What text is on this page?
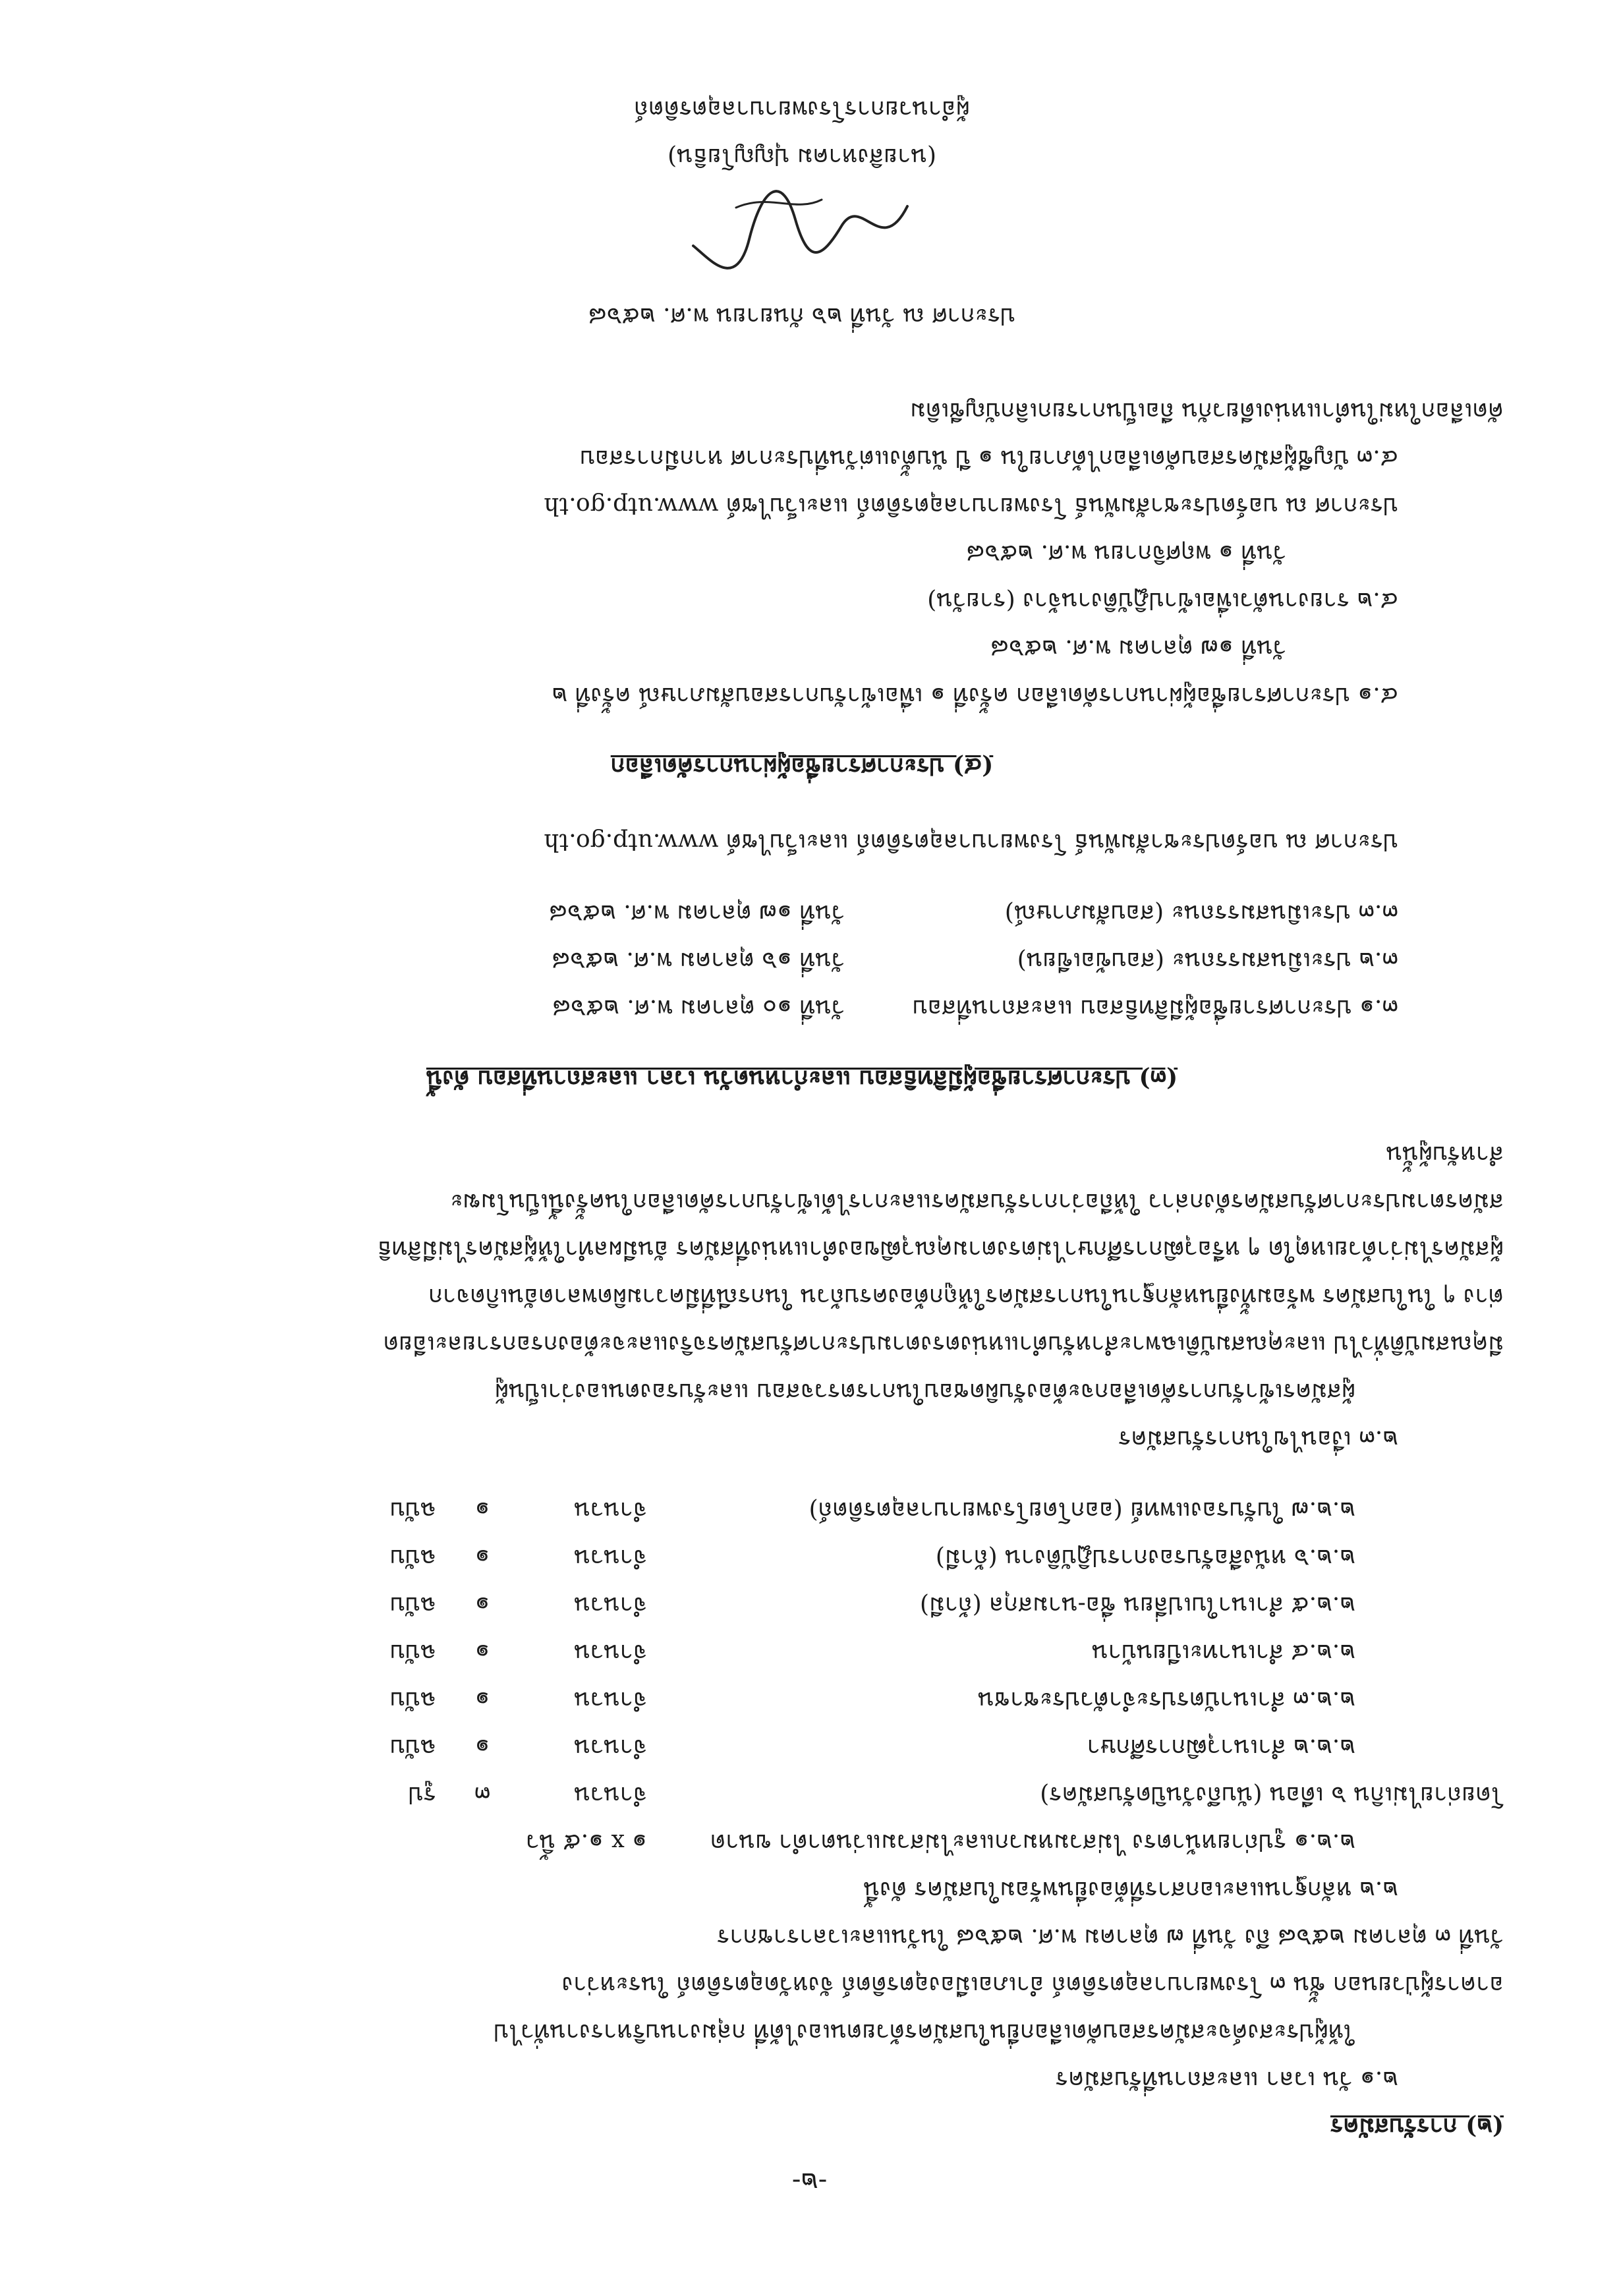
-๒-

(๒) การรับสมัคร

๒.๑ วัน เวลา และสถานที่รับสมัคร

ให้ผู้ประสงค์จะสมัครสอบคัดเลือกยื่นใบสมัครด้วยตนเองได้ที่ กลุ่มงานบริหารงานทั่วไป

อาคารผู้ป่วยนอก ชั้น ๓ โรงพยาบาลอุตรดิตถ์ อำเภอเมืองอุตรดิตถ์ จังหวัดอุตรดิตถ์ ในระหว่าง

วันที่ ๓ ตุลาคม ๒๕๖๘ ถึง วันที่ ๗ ตุลาคม พ.ศ. ๒๕๖๘ ในวันและเวลาราชการ

๒.๒ หลักฐานและเอกสารที่ต้องยื่นพร้อมใบสมัคร ดังนี้

๒.๒.๑ รูปถ่ายหน้าตรง ไม่สวมหมวกและไม่สวมแว่นตาดำ ขนาด
๑ x ๑.๕ นิ้ว
โดยถ่ายไม่เกิน ๖ เดือน (นับถึงวันปิดรับสมัคร)
จำนวน
๓
รูป
๒.๒.๒ สำเนาวุฒิการศึกษา
จำนวน
๑
ฉบับ
๒.๒.๓ สำเนาบัตรประจำตัวประชาชน
จำนวน
๑
ฉบับ
๒.๒.๔ สำเนาทะเบียนบ้าน
จำนวน
๑
ฉบับ
๒.๒.๕ สำเนาใบเปลี่ยน ชื่อ-นามสกุล (ถ้ามี)
จำนวน
๑
ฉบับ
๒.๒.๖ หนังสือรับรองการปฏิบัติงาน (ถ้ามี)
จำนวน
๑
ฉบับ
๒.๒.๗ ใบรับรองแพทย์ (ออกโดยโรงพยาบาลอุตรดิตถ์)
จำนวน
๑
ฉบับ

๒.๓ เงื่อนไขในการรับสมัคร

ผู้สมัครเข้ารับการคัดเลือกจะต้องรับผิดชอบในการตรวจสอบ และรับรองตนเองว่าเป็นผู้

มีคุณสมบัติทั่วไป และคุณสมบัติเฉพาะสำหรับตำแหน่งตรงตามประกาศรับสมัครจริงและจะต้องกรอกรายละเอียด

ต่าง ๆ ในใบสมัคร พร้อมทั้งยื่นหลักฐานในการสมัครให้ถูกต้องครบถ้วน ในกรณีที่มีความผิดพลาดอันเกิดจาก

ผู้สมัครไม่ว่าด้วยเหตุใด ๆ หรือวุฒิการศึกษาไม่ตรงตามคุณวุฒิของตำแหน่งที่สมัคร อันมีผลทำให้ผู้สมัครไม่มีสิทธิ

สมัครตามประกาศรับสมัครดังกล่าว ให้ถือว่าการรับสมัครและการได้เข้ารับการคัดเลือกในครั้งนี้เป็นโมฆะ

สำหรับผู้นั้น

(๓) ประกาศรายชื่อผู้มีสิทธิสอบ และกำหนดวัน เวลา และสถานที่สอบ ดังนี้

๓.๑ ประกาศรายชื่อผู้มีสิทธิสอบ และสถานที่สอบ
วันที่ ๑๐ ตุลาคม พ.ศ. ๒๕๖๘
๓.๒ ประเมินสมรรถนะ (สอบข้อเขียน)
วันที่ ๑๖ ตุลาคม พ.ศ. ๒๕๖๘
๓.๓ ประเมินสมรรถนะ (สอบสัมภาษณ์)
วันที่ ๑๗ ตุลาคม พ.ศ. ๒๕๖๘

ประกาศ ณ บอร์ดประชาสัมพันธ์ โรงพยาบาลอุตรดิตถ์ และเว็บไซต์ www.utp.go.th

(๔) ประกาศรายชื่อผู้ผ่านการคัดเลือก

๔.๑ ประกาศรายชื่อผู้ผ่านการคัดเลือก ครั้งที่ ๑ เพื่อเข้ารับการสอบสัมภาษณ์ ครั้งที่ ๒

วันที่ ๑๗ ตุลาคม พ.ศ. ๒๕๖๘

๔.๒ รายงานตัวเพื่อเข้าปฏิบัติงานจ้าง (รายวัน)

วันที่ ๑ พฤศจิกายน พ.ศ. ๒๕๖๘

ประกาศ ณ บอร์ดประชาสัมพันธ์ โรงพยาบาลอุตรดิตถ์ และเว็บไซต์ www.utp.go.th

๔.๓ บัญชีผู้สมัครสอบคัดเลือกได้ภายใน ๑ ปี นับตั้งแต่วันที่ประกาศ หากมีการสอบ

คัดเลือกใหม่ในตำแหน่งเดียวกัน ถือเป็นการยกเลิกบัญชีเดิม

ประกาศ ณ วันที่ ๒๖ กันยายน พ.ศ. ๒๕๖๘

(นายสิงหาคม ปุญญโยธิน)

ผู้อำนวยการโรงพยาบาลอุตรดิตถ์
